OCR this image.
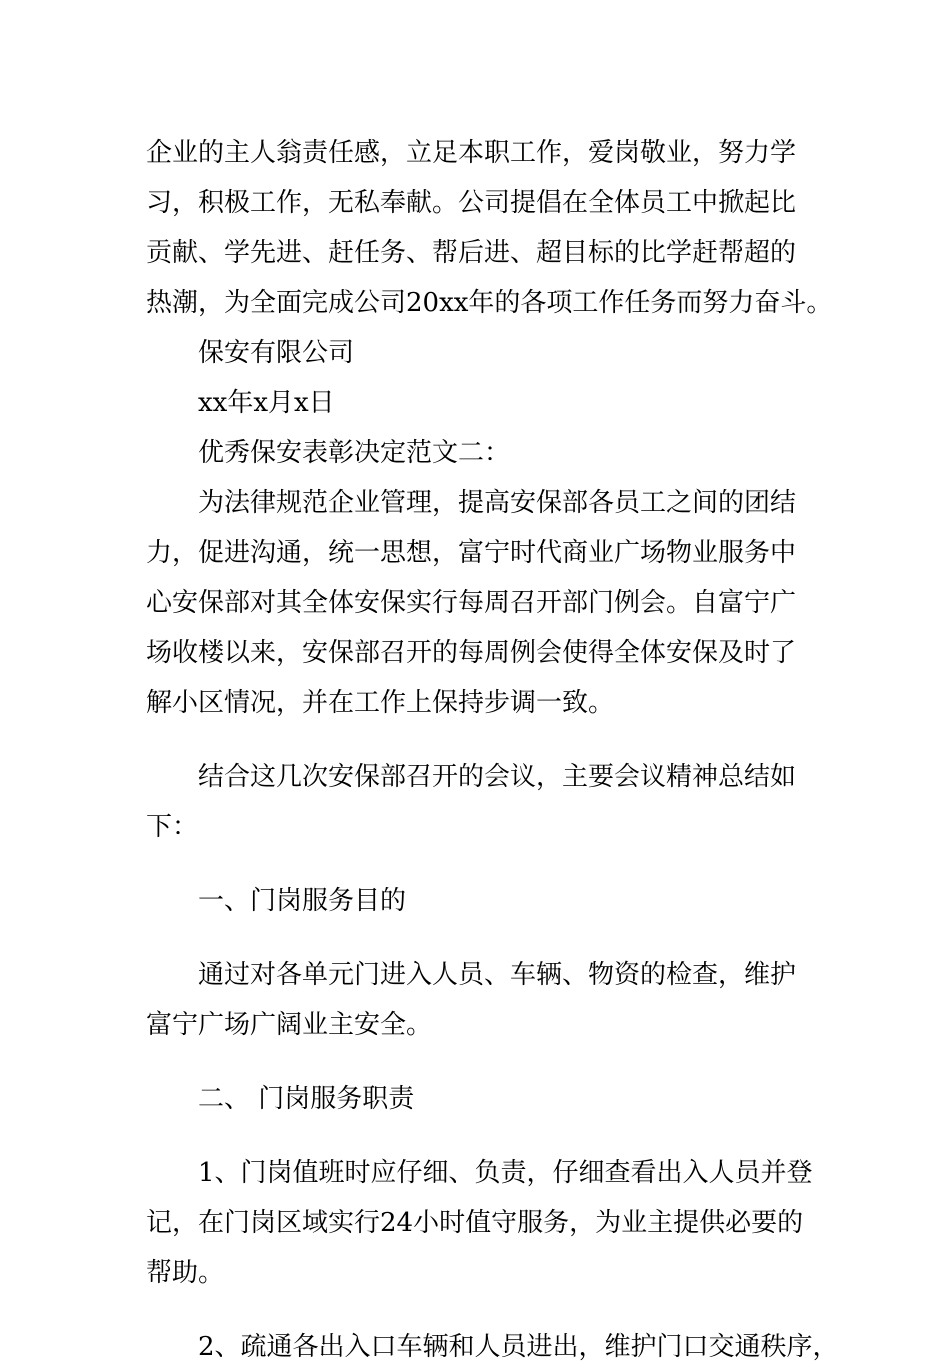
企业的主人翁责任感，立足本职工作，爱岗敬业，努力学
习，积极工作，无私奉献。公司提倡在全体员工中掀起比
贡献、学先进、赶任务、帮后进、超目标的比学赶帮超的
热潮，为全面完成公司20xx年的各项工作任务而努力奋斗。
保安有限公司
xx年x月x日
优秀保安表彰决定范文二：
为法律规范企业管理，提高安保部各员工之间的团结
力，促进沟通，统一思想，富宁时代商业广场物业服务中
心安保部对其全体安保实行每周召开部门例会。自富宁广
场收楼以来，安保部召开的每周例会使得全体安保及时了
解小区情况，并在工作上保持步调一致。
结合这几次安保部召开的会议，主要会议精神总结如
下：
一、门岗服务目的
通过对各单元门进入人员、车辆、物资的检查，维护
富宁广场广阔业主安全。
二、 门岗服务职责
1、门岗值班时应仔细、负责，仔细查看出入人员并登
记，在门岗区域实行24小时值守服务，为业主提供必要的
帮助。
2、疏通各出入口车辆和人员进出，维护门口交通秩序，
